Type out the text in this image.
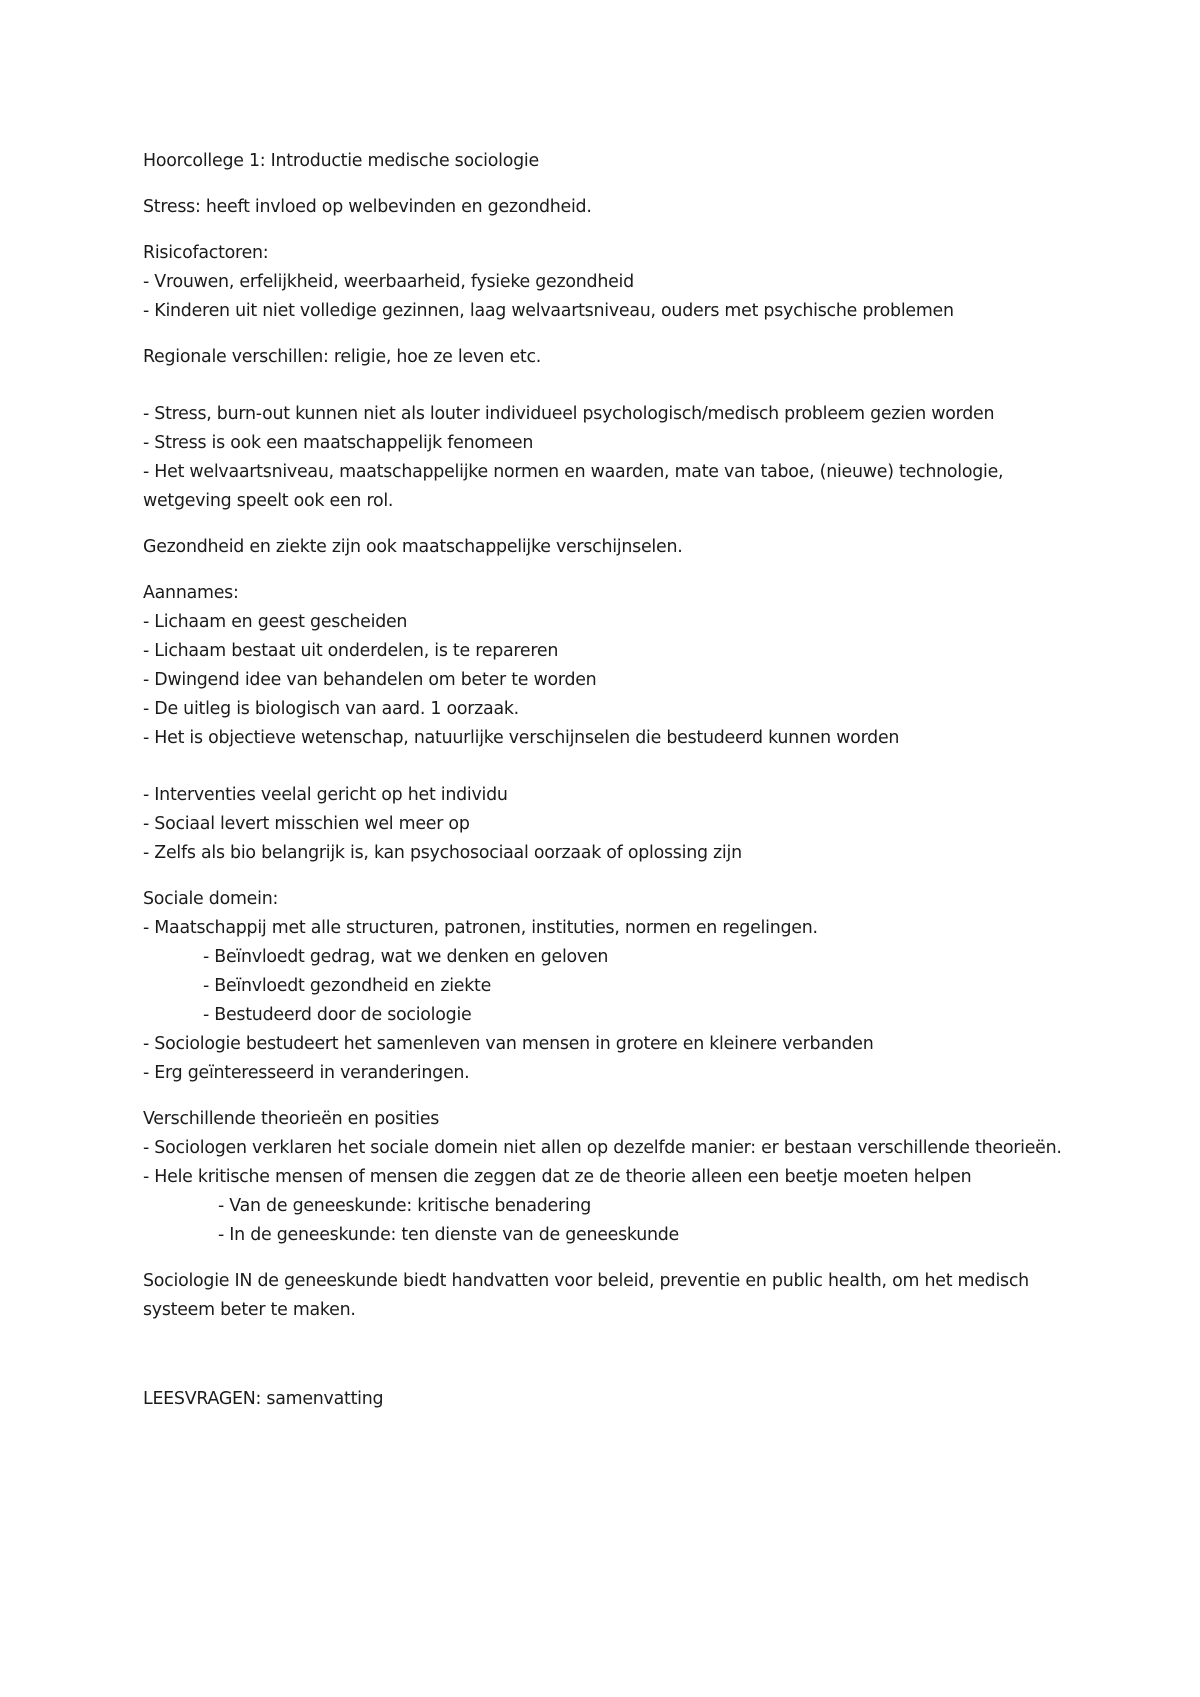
Hoorcollege 1: Introductie medische sociologie

Stress: heeft invloed op welbevinden en gezondheid.

Risicofactoren:

- Vrouwen, erfelijkheid, weerbaarheid, fysieke gezondheid

- Kinderen uit niet volledige gezinnen, laag welvaartsniveau, ouders met psychische problemen

Regionale verschillen: religie, hoe ze leven etc.

- Stress, burn-out kunnen niet als louter individueel psychologisch/medisch probleem gezien worden

- Stress is ook een maatschappelijk fenomeen

- Het welvaartsniveau, maatschappelijke normen en waarden, mate van taboe, (nieuwe) technologie, wetgeving speelt ook een rol.

Gezondheid en ziekte zijn ook maatschappelijke verschijnselen.

Aannames:

- Lichaam en geest gescheiden

- Lichaam bestaat uit onderdelen, is te repareren

- Dwingend idee van behandelen om beter te worden

- De uitleg is biologisch van aard. 1 oorzaak.

- Het is objectieve wetenschap, natuurlijke verschijnselen die bestudeerd kunnen worden

- Interventies veelal gericht op het individu

- Sociaal levert misschien wel meer op

- Zelfs als bio belangrijk is, kan psychosociaal oorzaak of oplossing zijn

Sociale domein:

- Maatschappij met alle structuren, patronen, instituties, normen en regelingen.

- Beïnvloedt gedrag, wat we denken en geloven

- Beïnvloedt gezondheid en ziekte

- Bestudeerd door de sociologie

- Sociologie bestudeert het samenleven van mensen in grotere en kleinere verbanden

- Erg geïnteresseerd in veranderingen.

Verschillende theorieën en posities

- Sociologen verklaren het sociale domein niet allen op dezelfde manier: er bestaan verschillende theorieën.

- Hele kritische mensen of mensen die zeggen dat ze de theorie alleen een beetje moeten helpen

- Van de geneeskunde: kritische benadering

- In de geneeskunde: ten dienste van de geneeskunde

Sociologie IN de geneeskunde biedt handvatten voor beleid, preventie en public health, om het medisch systeem beter te maken.

LEESVRAGEN: samenvatting
